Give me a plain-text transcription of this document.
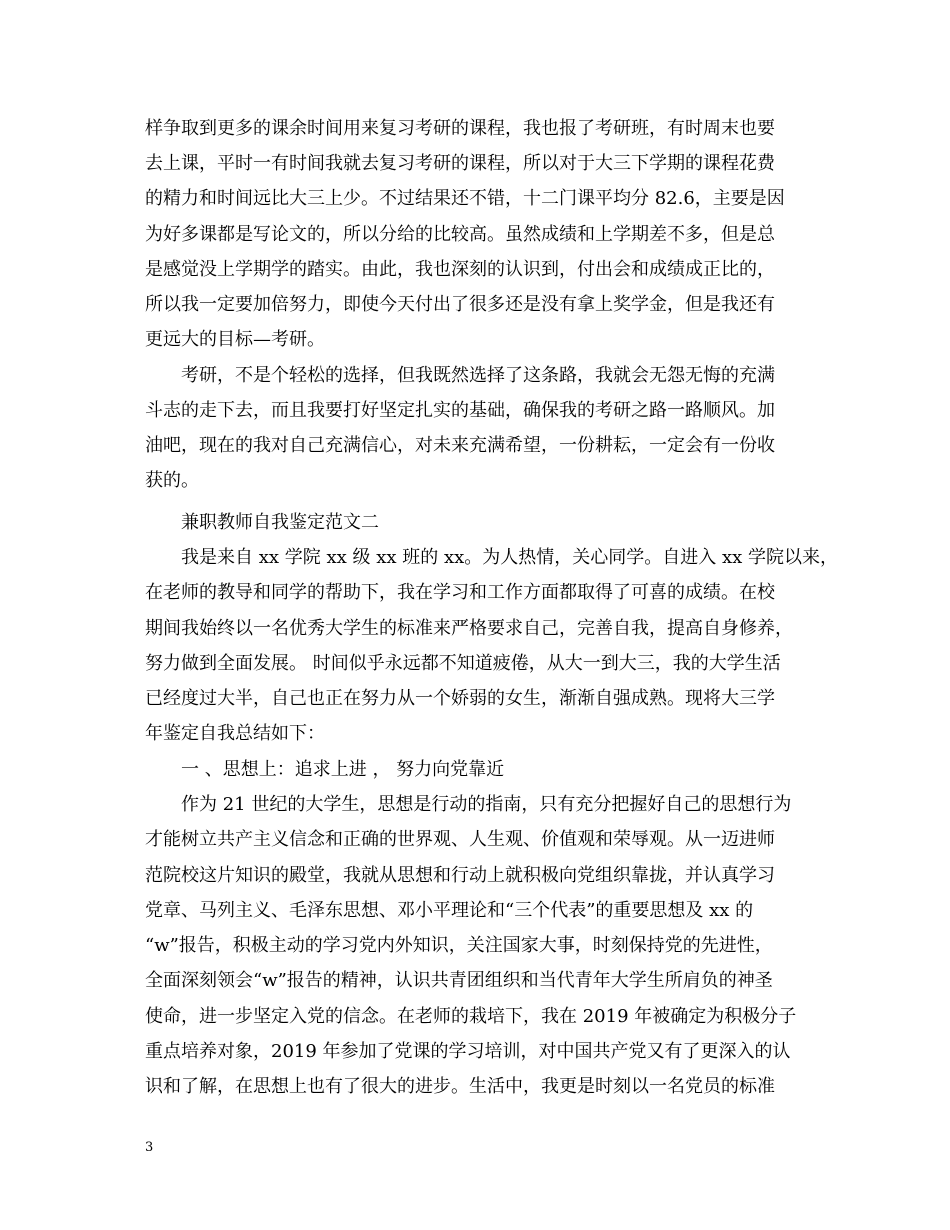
样争取到更多的课余时间用来复习考研的课程，我也报了考研班，有时周末也要
去上课，平时一有时间我就去复习考研的课程，所以对于大三下学期的课程花费
的精力和时间远比大三上少。不过结果还不错，十二门课平均分 82.6，主要是因
为好多课都是写论文的，所以分给的比较高。虽然成绩和上学期差不多，但是总
是感觉没上学期学的踏实。由此，我也深刻的认识到，付出会和成绩成正比的，
所以我一定要加倍努力，即使今天付出了很多还是没有拿上奖学金，但是我还有
更远大的目标—考研。
考研，不是个轻松的选择，但我既然选择了这条路，我就会无怨无悔的充满
斗志的走下去，而且我要打好坚定扎实的基础，确保我的考研之路一路顺风。加
油吧，现在的我对自己充满信心，对未来充满希望，一份耕耘，一定会有一份收
获的。
兼职教师自我鉴定范文二
我是来自 xx 学院 xx 级 xx 班的 xx。为人热情，关心同学。自进入 xx 学院以来，
在老师的教导和同学的帮助下，我在学习和工作方面都取得了可喜的成绩。在校
期间我始终以一名优秀大学生的标准来严格要求自己，完善自我，提高自身修养，
努力做到全面发展。 时间似乎永远都不知道疲倦，从大一到大三，我的大学生活
已经度过大半，自己也正在努力从一个娇弱的女生，渐渐自强成熟。现将大三学
年鉴定自我总结如下：
一 、思想上：追求上进 ， 努力向党靠近
作为 21 世纪的大学生，思想是行动的指南，只有充分把握好自己的思想行为
才能树立共产主义信念和正确的世界观、人生观、价值观和荣辱观。从一迈进师
范院校这片知识的殿堂，我就从思想和行动上就积极向党组织靠拢，并认真学习
党章、马列主义、毛泽东思想、邓小平理论和“三个代表”的重要思想及 xx 的
“w”报告，积极主动的学习党内外知识，关注国家大事，时刻保持党的先进性，
全面深刻领会“w”报告的精神，认识共青团组织和当代青年大学生所肩负的神圣
使命，进一步坚定入党的信念。在老师的栽培下，我在 2019 年被确定为积极分子
重点培养对象，2019 年参加了党课的学习培训，对中国共产党又有了更深入的认
识和了解，在思想上也有了很大的进步。生活中，我更是时刻以一名党员的标准
3
